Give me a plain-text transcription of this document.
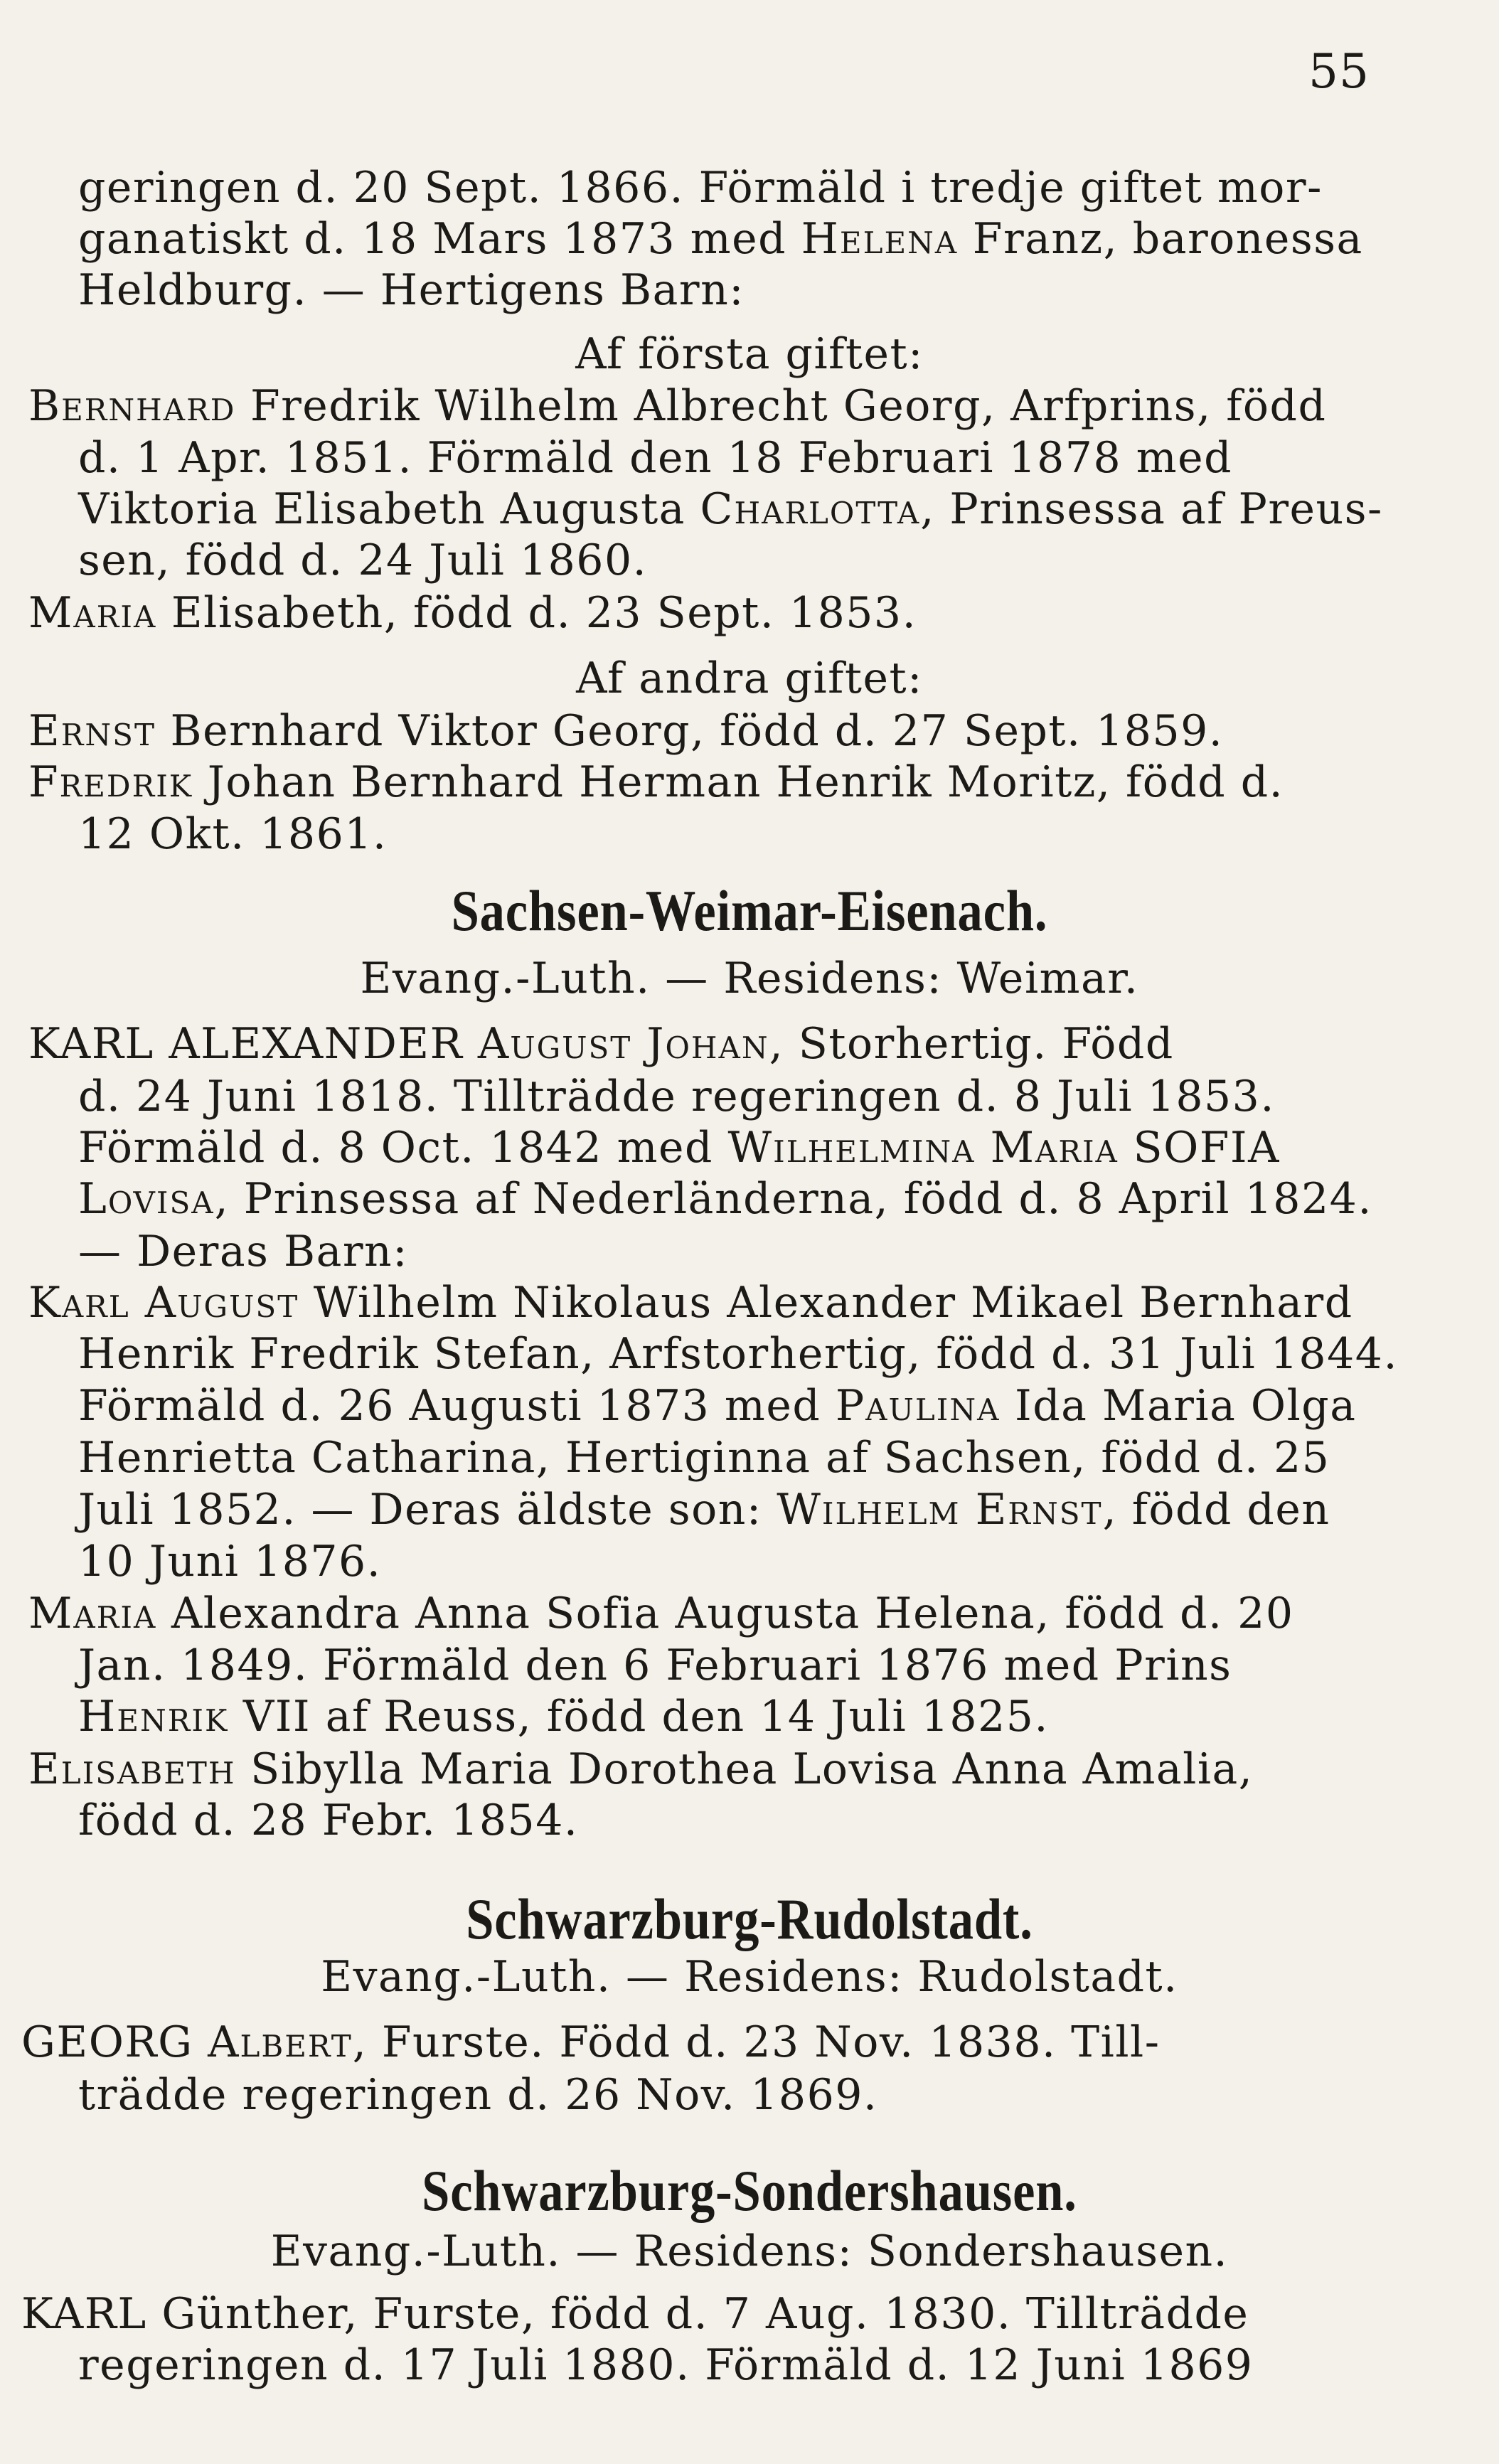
55
geringen d. 20 Sept. 1866. Förmäld i tredje giftet mor-
ganatiskt d. 18 Mars 1873 med Helena Franz, baronessa
Heldburg. — Hertigens Barn:
Af första giftet:
Bernhard Fredrik Wilhelm Albrecht Georg, Arfprins, född
d. 1 Apr. 1851. Förmäld den 18 Februari 1878 med
Viktoria Elisabeth Augusta Charlotta, Prinsessa af Preus-
sen, född d. 24 Juli 1860.
Maria Elisabeth, född d. 23 Sept. 1853.
Af andra giftet:
Ernst Bernhard Viktor Georg, född d. 27 Sept. 1859.
Fredrik Johan Bernhard Herman Henrik Moritz, född d.
12 Okt. 1861.
Sachsen-Weimar-Eisenach.
Evang.-Luth. — Residens: Weimar.
KARL ALEXANDER August Johan, Storhertig. Född
d. 24 Juni 1818. Tillträdde regeringen d. 8 Juli 1853.
Förmäld d. 8 Oct. 1842 med Wilhelmina Maria SOFIA
Lovisa, Prinsessa af Nederländerna, född d. 8 April 1824.
— Deras Barn:
Karl August Wilhelm Nikolaus Alexander Mikael Bernhard
Henrik Fredrik Stefan, Arfstorhertig, född d. 31 Juli 1844.
Förmäld d. 26 Augusti 1873 med Paulina Ida Maria Olga
Henrietta Catharina, Hertiginna af Sachsen, född d. 25
Juli 1852. — Deras äldste son: Wilhelm Ernst, född den
10 Juni 1876.
Maria Alexandra Anna Sofia Augusta Helena, född d. 20
Jan. 1849. Förmäld den 6 Februari 1876 med Prins
Henrik VII af Reuss, född den 14 Juli 1825.
Elisabeth Sibylla Maria Dorothea Lovisa Anna Amalia,
född d. 28 Febr. 1854.
Schwarzburg-Rudolstadt.
Evang.-Luth. — Residens: Rudolstadt.
GEORG Albert, Furste. Född d. 23 Nov. 1838. Till-
trädde regeringen d. 26 Nov. 1869.
Schwarzburg-Sondershausen.
Evang.-Luth. — Residens: Sondershausen.
KARL Günther, Furste, född d. 7 Aug. 1830. Tillträdde
regeringen d. 17 Juli 1880. Förmäld d. 12 Juni 1869
